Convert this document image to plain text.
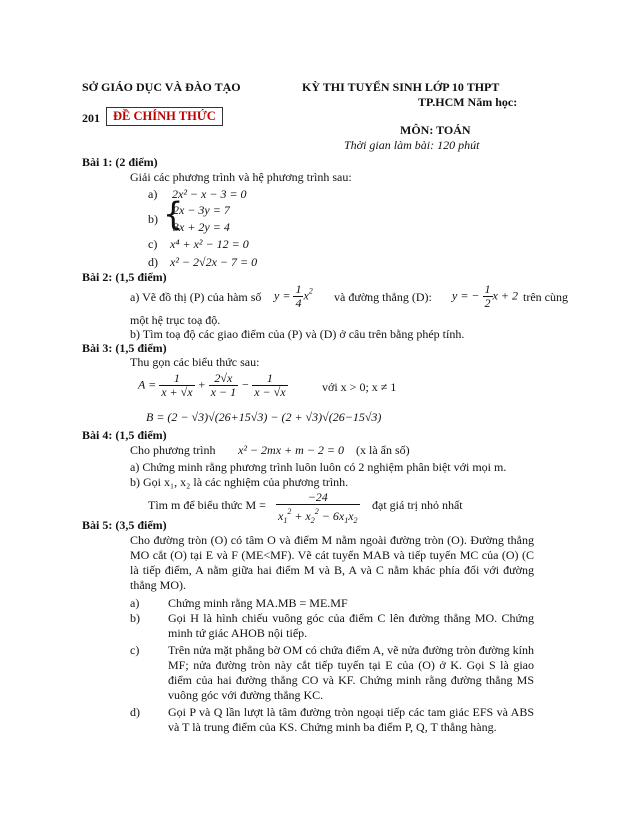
SỞ GIÁO DỤC VÀ ĐÀO TẠO	KỲ THI TUYỂN SINH LỚP 10 THPT
TP.HCM Năm học:
201	ĐỀ CHÍNH THỨC
MÔN: TOÁN
Thời gian làm bài: 120 phút
Bài 1: (2 điểm)
Giải các phương trình và hệ phương trình sau:
a) 2x² − x − 3 = 0
b) {
2x − 3y = 7
3x + 2y = 4
c) x⁴ + x² − 12 = 0
d) x² − 2√2x − 7 = 0
Bài 2: (1,5 điểm)
a) Vẽ đồ thị (P) của hàm số $y = \frac{1}{4} x^2$ và đường thẳng (D): y = − $\frac{1}{2}$ x + 2 trên cùng
một hệ trục toạ độ.
b) Tìm toạ độ các giao điểm của (P) và (D) ở câu trên bằng phép tính.
Bài 3: (1,5 điểm)
Thu gọn các biểu thức sau:
$A = \frac{1}{x + √x} + \frac{2√x}{x - 1} - \frac{1}{x - √x}$	với x > 0; x ≠ 1
B = (2 − √3)√(26+15√3) − (2 + √3)√(26−15√3)
Bài 4: (1,5 điểm)
Cho phương trình x² − 2mx + m − 2 = 0 (x là ẩn số)
a) Chứng minh rằng phương trình luôn luôn có 2 nghiệm phân biệt với mọi m.
b) Gọi x₁, x₂ là các nghiệm của phương trình.
Tìm m để biểu thức $M = \frac{-24}{x_1^2 + x_2^2 - 6x_1x_2}$ đạt giá trị nhỏ nhất
Bài 5: (3,5 điểm)
Cho đường tròn (O) có tâm O và điểm M nằm ngoài đường tròn (O). Đường thẳng MO cắt (O) tại E và F (ME<MF). Vẽ cát tuyến MAB và tiếp tuyến MC của (O) (C là tiếp điểm, A nằm giữa hai điểm M và B, A và C nằm khác phía đối với đường thẳng MO).
a) Chứng minh rằng MA.MB = ME.MF
b) Gọi H là hình chiếu vuông góc của điểm C lên đường thẳng MO. Chứng minh tứ giác AHOB nội tiếp.
c) Trên nửa mặt phẳng bờ OM có chứa điểm A, vẽ nửa đường tròn đường kính MF; nửa đường tròn này cắt tiếp tuyến tại E của (O) ở K. Gọi S là giao điểm của hai đường thẳng CO và KF. Chứng minh rằng đường thẳng MS vuông góc với đường thẳng KC.
d) Gọi P và Q lần lượt là tâm đường tròn ngoại tiếp các tam giác EFS và ABS và T là trung điểm của KS. Chứng minh ba điểm P, Q, T thẳng hàng.
